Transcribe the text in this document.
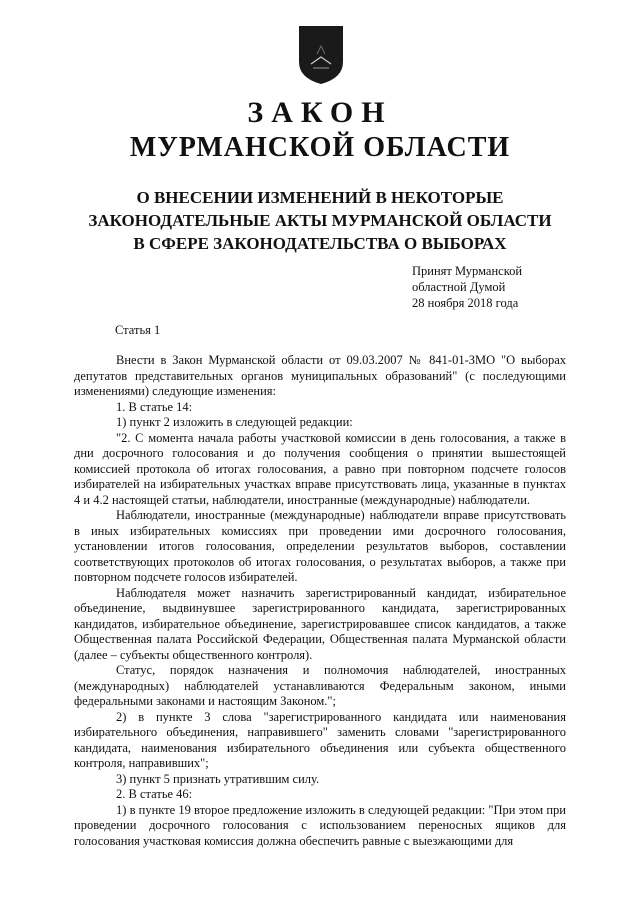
ЗАКОН
МУРМАНСКОЙ ОБЛАСТИ
О ВНЕСЕНИИ ИЗМЕНЕНИЙ В НЕКОТОРЫЕ
ЗАКОНОДАТЕЛЬНЫЕ АКТЫ МУРМАНСКОЙ ОБЛАСТИ
В СФЕРЕ ЗАКОНОДАТЕЛЬСТВА О ВЫБОРАХ
Принят Мурманской
областной Думой
28 ноября 2018 года
Статья 1

Внести в Закон Мурманской области от 09.03.2007 № 841-01-ЗМО "О выборах депутатов представительных органов муниципальных образований" (с последующими изменениями) следующие изменения:

1. В статье 14:

1) пункт 2 изложить в следующей редакции:

"2. С момента начала работы участковой комиссии в день голосования, а также в дни досрочного голосования и до получения сообщения о принятии вышестоящей комиссией протокола об итогах голосования, а равно при повторном подсчете голосов избирателей на избирательных участках вправе присутствовать лица, указанные в пунктах 4 и 4.2 настоящей статьи, наблюдатели, иностранные (международные) наблюдатели.

Наблюдатели, иностранные (международные) наблюдатели вправе присутствовать в иных избирательных комиссиях при проведении ими досрочного голосования, установлении итогов голосования, определении результатов выборов, составлении соответствующих протоколов об итогах голосования, о результатах выборов, а также при повторном подсчете голосов избирателей.

Наблюдателя может назначить зарегистрированный кандидат, избирательное объединение, выдвинувшее зарегистрированного кандидата, зарегистрированных кандидатов, избирательное объединение, зарегистрировавшее список кандидатов, а также Общественная палата Российской Федерации, Общественная палата Мурманской области (далее – субъекты общественного контроля).

Статус, порядок назначения и полномочия наблюдателей, иностранных (международных) наблюдателей устанавливаются Федеральным законом, иными федеральными законами и настоящим Законом.";

2) в пункте 3 слова "зарегистрированного кандидата или наименования избирательного объединения, направившего" заменить словами "зарегистрированного кандидата, наименования избирательного объединения или субъекта общественного контроля, направивших";

3) пункт 5 признать утратившим силу.

2. В статье 46:

1) в пункте 19 второе предложение изложить в следующей редакции: "При этом при проведении досрочного голосования с использованием переносных ящиков для голосования участковая комиссия должна обеспечить равные с выезжающими для
